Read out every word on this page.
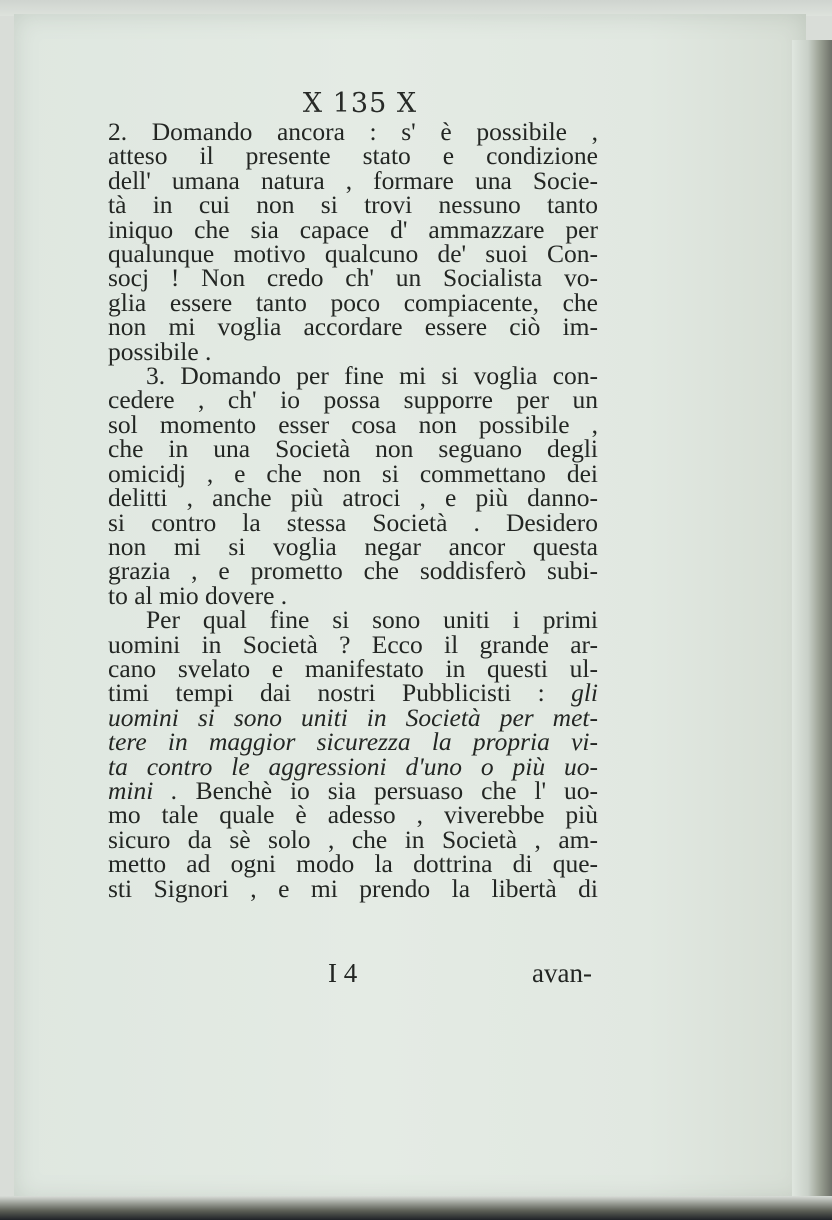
X 135 X
2. Domando ancora : s' è possibile ,
atteso il presente stato e condizione
dell' umana natura , formare una Socie-
tà in cui non si trovi nessuno tanto
iniquo che sia capace d' ammazzare per
qualunque motivo qualcuno de' suoi Con-
socj ! Non credo ch' un Socialista vo-
glia essere tanto poco compiacente, che
non mi voglia accordare essere ciò im-
possibile .
3. Domando per fine mi si voglia con-
cedere , ch' io possa supporre per un
sol momento esser cosa non possibile ,
che in una Società non seguano degli
omicidj , e che non si commettano dei
delitti , anche più atroci , e più danno-
si contro la stessa Società . Desidero
non mi si voglia negar ancor questa
grazia , e prometto che soddisferò subi-
to al mio dovere .
Per qual fine si sono uniti i primi
uomini in Società ? Ecco il grande ar-
cano svelato e manifestato in questi ul-
timi tempi dai nostri Pubblicisti : gli
uomini si sono uniti in Società per met-
tere in maggior sicurezza la propria vi-
ta contro le aggressioni d'uno o più uo-
mini . Benchè io sia persuaso che l' uo-
mo tale quale è adesso , viverebbe più
sicuro da sè solo , che in Società , am-
metto ad ogni modo la dottrina di que-
sti Signori , e mi prendo la libertà di
I 4	avan-
